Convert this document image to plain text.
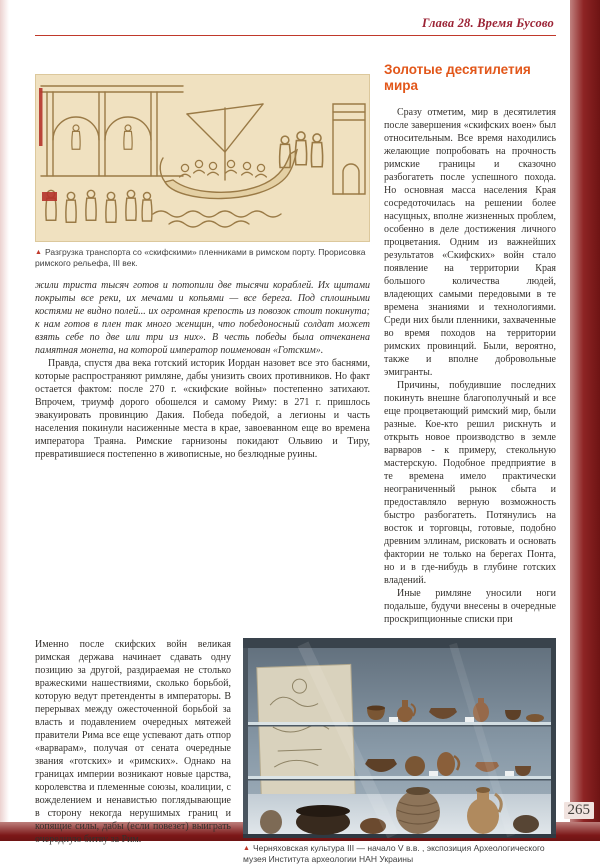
Глава 28. Время Бусово
▲ Разгрузка транспорта со «скифскими» пленниками в римском порту. Прорисовка римского рельефа, III век.

жили триста тысяч готов и потопили две тысячи кораблей. Их щитами покрыты все реки, их мечами и копьями — все берега. Под сплошными костями не видно полей... их огромная крепость из повозок стоит покинута; к нам готов в плен так много женщин, что победоносный солдат может взять себе по две или три из них». В честь победы была отчеканена памятная монета, на которой император поименован «Готским».

Правда, спустя два века готский историк Иордан назовет все это баснями, которые распространяют римляне, дабы унизить своих противников. Но факт остается фактом: после 270 г. «скифские войны» постепенно затихают. Впрочем, триумф дорого обошелся и самому Риму: в 271 г. пришлось эвакуировать провинцию Дакия. Победа победой, а легионы и часть населения покинули насиженные места в крае, завоеванном еще во времена императора Траяна. Римские гарнизоны покидают Ольвию и Тиру, превратившиеся постепенно в живописные, но безлюдные руины.

Золотые десятилетия мира

Сразу отметим, мир в десятилетия после завершения «скифских воен» был относительным. Все время находились желающие попробовать на прочность римские границы и сказочно разбогатеть после успешного похода. Но основная масса населения Края сосредоточилась на решении более насущных, вполне жизненных проблем, особенно в деле достижения личного процветания. Одним из важнейших результатов «Скифских» войн стало появление на территории Края большого количества людей, владеющих самыми передовыми в те времена знаниями и технологиями. Среди них были пленники, захваченные во время походов на территории римских провинций. Были, вероятно, также и вполне добровольные эмигранты.

Причины, побудившие последних покинуть внешне благополучный и все еще процветающий римский мир, были разные. Кое-кто решил рискнуть и открыть новое производство в земле варваров - к примеру, стекольную мастерскую. Подобное предприятие в те времена имело практически неограниченный рынок сбыта и предоставляло верную возможность быстро разбогатеть. Потянулись на восток и торговцы, готовые, подобно древним эллинам, рисковать и основать фактории не только на берегах Понта, но и в где-нибудь в глубине готских владений.

Иные римляне уносили ноги подальше, будучи внесены в очередные проскрипционные списки при

Именно после скифских войн великая римская держава начинает сдавать одну позицию за другой, раздираемая не столько вражескими нашествиями, сколько борьбой, которую ведут претенденты в императоры. В перерывах между ожесточенной борьбой за власть и подавлением очередных мятежей правители Рима все еще успевают дать отпор «варварам», получая от сената очередные звания «готских» и «римских». Однако на границах империи возникают новые царства, королевства и племенные союзы, коалиции, с вожделением и ненавистью поглядывающие в сторону некогда нерушимых границ и копящие силы, дабы (если повезет) выиграть очередную битву за Рим.

▲ Черняховская культура III — начало V в.в. , экспозиция Археологического музея Института археологии НАН Украины
265
